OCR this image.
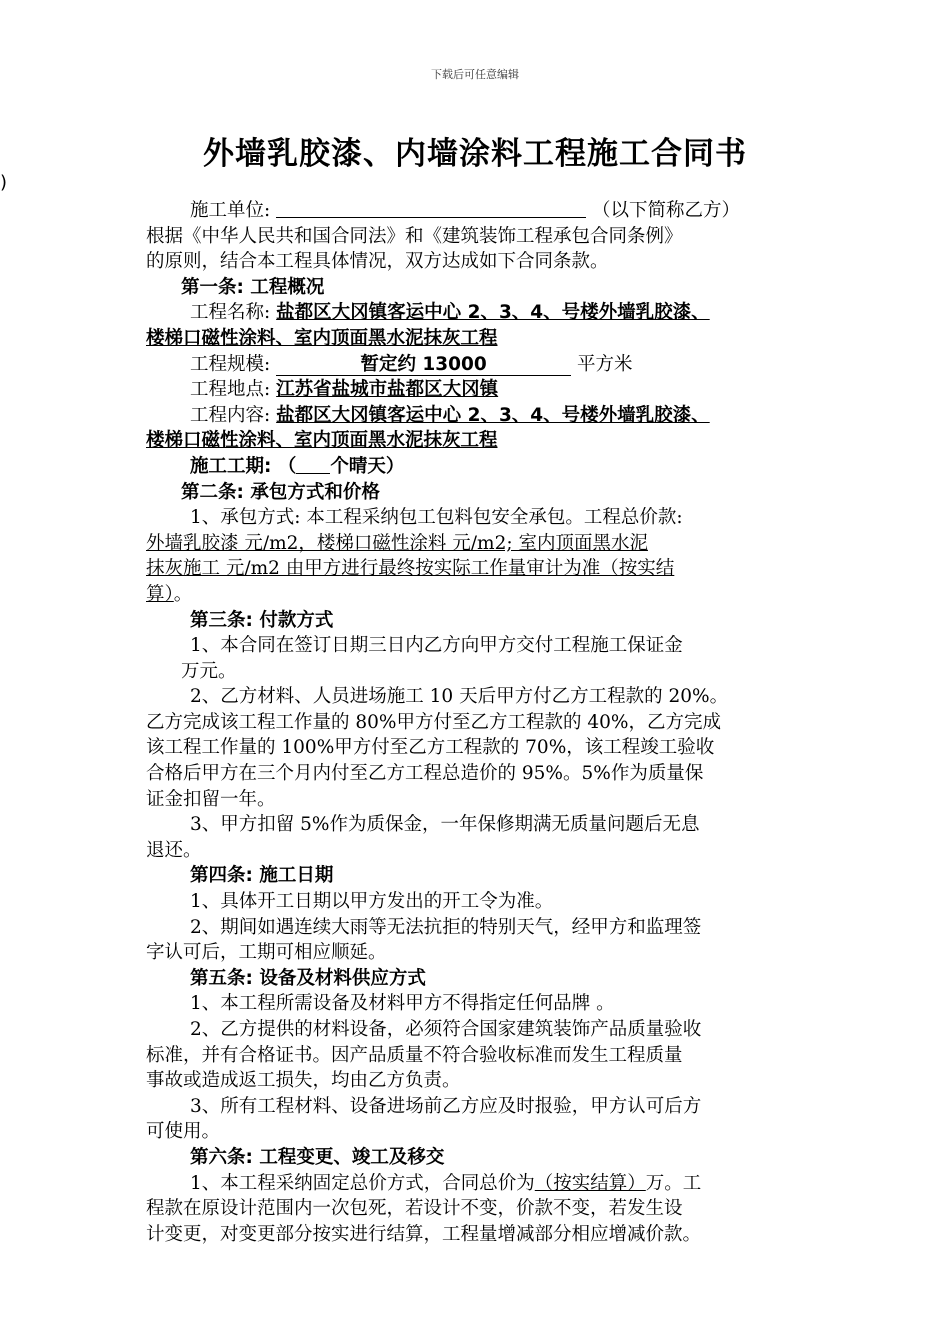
下载后可任意编辑
外墙乳胶漆、内墙涂料工程施工合同书
)
施工单位:	（以下简称乙方）
根据《中华人民共和国合同法》和《建筑装饰工程承包合同条例》
的原则，结合本工程具体情况，双方达成如下合同条款。
第一条: 工程概况
工程名称: 盐都区大冈镇客运中心 2、3、4、号楼外墙乳胶漆、
楼梯口磁性涂料、室内顶面黑水泥抹灰工程
工程规模:	暂定约 13000	平方米
工程地点: 江苏省盐城市盐都区大冈镇
工程内容: 盐都区大冈镇客运中心 2、3、4、号楼外墙乳胶漆、
楼梯口磁性涂料、室内顶面黑水泥抹灰工程
施工工期: （ 个晴天）
第二条: 承包方式和价格
1、承包方式: 本工程采纳包工包料包安全承包。工程总价款:
外墙乳胶漆 元/m2，楼梯口磁性涂料 元/m2; 室内顶面黑水泥
抹灰施工 元/m2 由甲方进行最终按实际工作量审计为准（按实结
算）。
第三条: 付款方式
1、本合同在签订日期三日内乙方向甲方交付工程施工保证金
万元。
2、乙方材料、人员进场施工 10 天后甲方付乙方工程款的 20%。
乙方完成该工程工作量的 80%甲方付至乙方工程款的 40%，乙方完成
该工程工作量的 100%甲方付至乙方工程款的 70%，该工程竣工验收
合格后甲方在三个月内付至乙方工程总造价的 95%。5%作为质量保
证金扣留一年。
3、甲方扣留 5%作为质保金，一年保修期满无质量问题后无息
退还。
第四条: 施工日期
1、具体开工日期以甲方发出的开工令为准。
2、期间如遇连续大雨等无法抗拒的特别天气，经甲方和监理签
字认可后，工期可相应顺延。
第五条: 设备及材料供应方式
1、本工程所需设备及材料甲方不得指定任何品牌 。
2、乙方提供的材料设备，必须符合国家建筑装饰产品质量验收
标准，并有合格证书。因产品质量不符合验收标准而发生工程质量
事故或造成返工损失，均由乙方负责。
3、所有工程材料、设备进场前乙方应及时报验，甲方认可后方
可使用。
第六条: 工程变更、竣工及移交
1、本工程采纳固定总价方式，合同总价为（按实结算）万。工
程款在原设计范围内一次包死，若设计不变，价款不变，若发生设
计变更，对变更部分按实进行结算，工程量增减部分相应增减价款。
